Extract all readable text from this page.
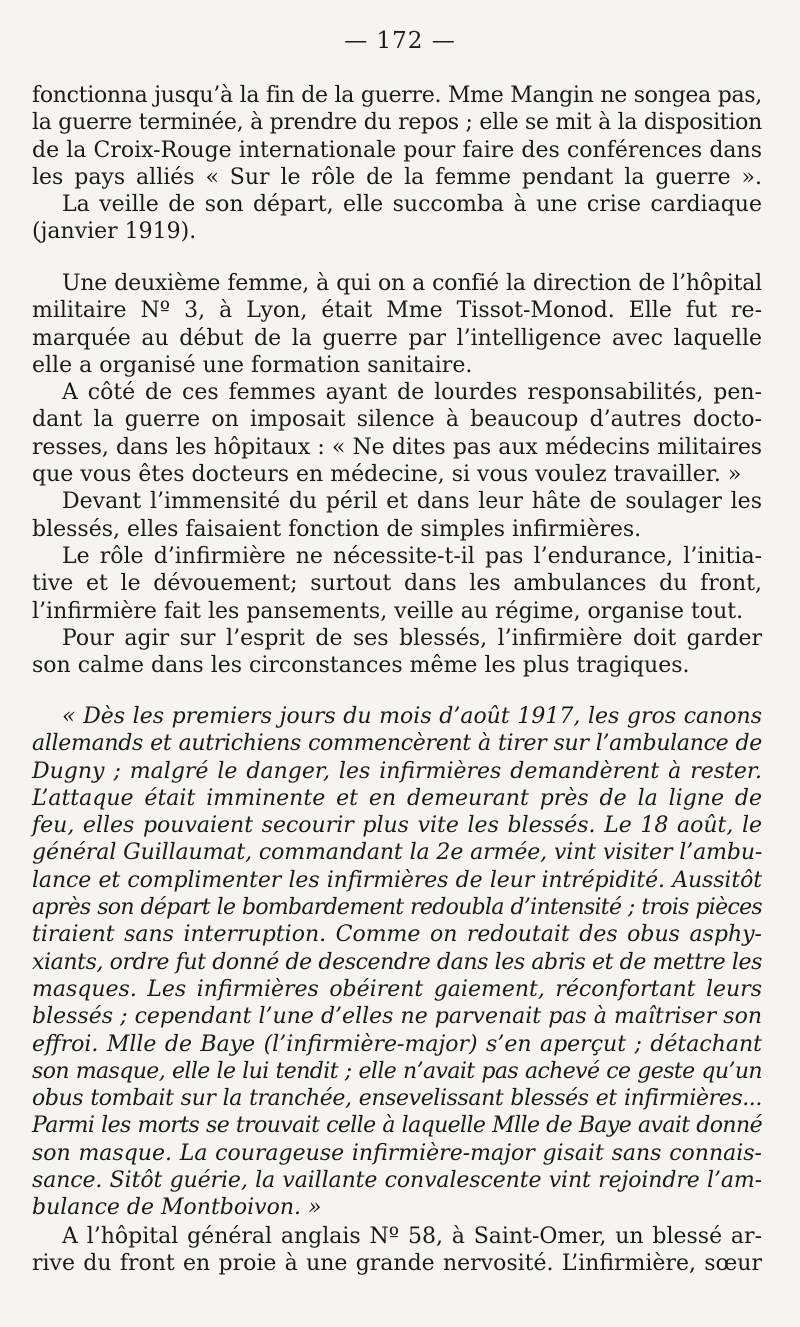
— 172 —
fonctionna jusqu’à la fin de la guerre. Mme Mangin ne songea pas,
la guerre terminée, à prendre du repos ; elle se mit à la disposition
de la Croix-Rouge internationale pour faire des conférences dans
les pays alliés « Sur le rôle de la femme pendant la guerre ».
La veille de son départ, elle succomba à une crise cardiaque
(janvier 1919).
Une deuxième femme, à qui on a confié la direction de l’hôpital
militaire Nº 3, à Lyon, était Mme Tissot-Monod. Elle fut re-
marquée au début de la guerre par l’intelligence avec laquelle
elle a organisé une formation sanitaire.
A côté de ces femmes ayant de lourdes responsabilités, pen-
dant la guerre on imposait silence à beaucoup d’autres docto-
resses, dans les hôpitaux : « Ne dites pas aux médecins militaires
que vous êtes docteurs en médecine, si vous voulez travailler. »
Devant l’immensité du péril et dans leur hâte de soulager les
blessés, elles faisaient fonction de simples infirmières.
Le rôle d’infirmière ne nécessite-t-il pas l’endurance, l’initia-
tive et le dévouement; surtout dans les ambulances du front,
l’infirmière fait les pansements, veille au régime, organise tout.
Pour agir sur l’esprit de ses blessés, l’infirmière doit garder
son calme dans les circonstances même les plus tragiques.
« Dès les premiers jours du mois d’août 1917, les gros canons
allemands et autrichiens commencèrent à tirer sur l’ambulance de
Dugny ; malgré le danger, les infirmières demandèrent à rester.
L’attaque était imminente et en demeurant près de la ligne de
feu, elles pouvaient secourir plus vite les blessés. Le 18 août, le
général Guillaumat, commandant la 2e armée, vint visiter l’ambu-
lance et complimenter les infirmières de leur intrépidité. Aussitôt
après son départ le bombardement redoubla d’intensité ; trois pièces
tiraient sans interruption. Comme on redoutait des obus asphy-
xiants, ordre fut donné de descendre dans les abris et de mettre les
masques. Les infirmières obéirent gaiement, réconfortant leurs
blessés ; cependant l’une d’elles ne parvenait pas à maîtriser son
effroi. Mlle de Baye (l’infirmière-major) s’en aperçut ; détachant
son masque, elle le lui tendit ; elle n’avait pas achevé ce geste qu’un
obus tombait sur la tranchée, ensevelissant blessés et infirmières...
Parmi les morts se trouvait celle à laquelle Mlle de Baye avait donné
son masque. La courageuse infirmière-major gisait sans connais-
sance. Sitôt guérie, la vaillante convalescente vint rejoindre l’am-
bulance de Montboivon. »
A l’hôpital général anglais Nº 58, à Saint-Omer, un blessé ar-
rive du front en proie à une grande nervosité. L’infirmière, sœur
